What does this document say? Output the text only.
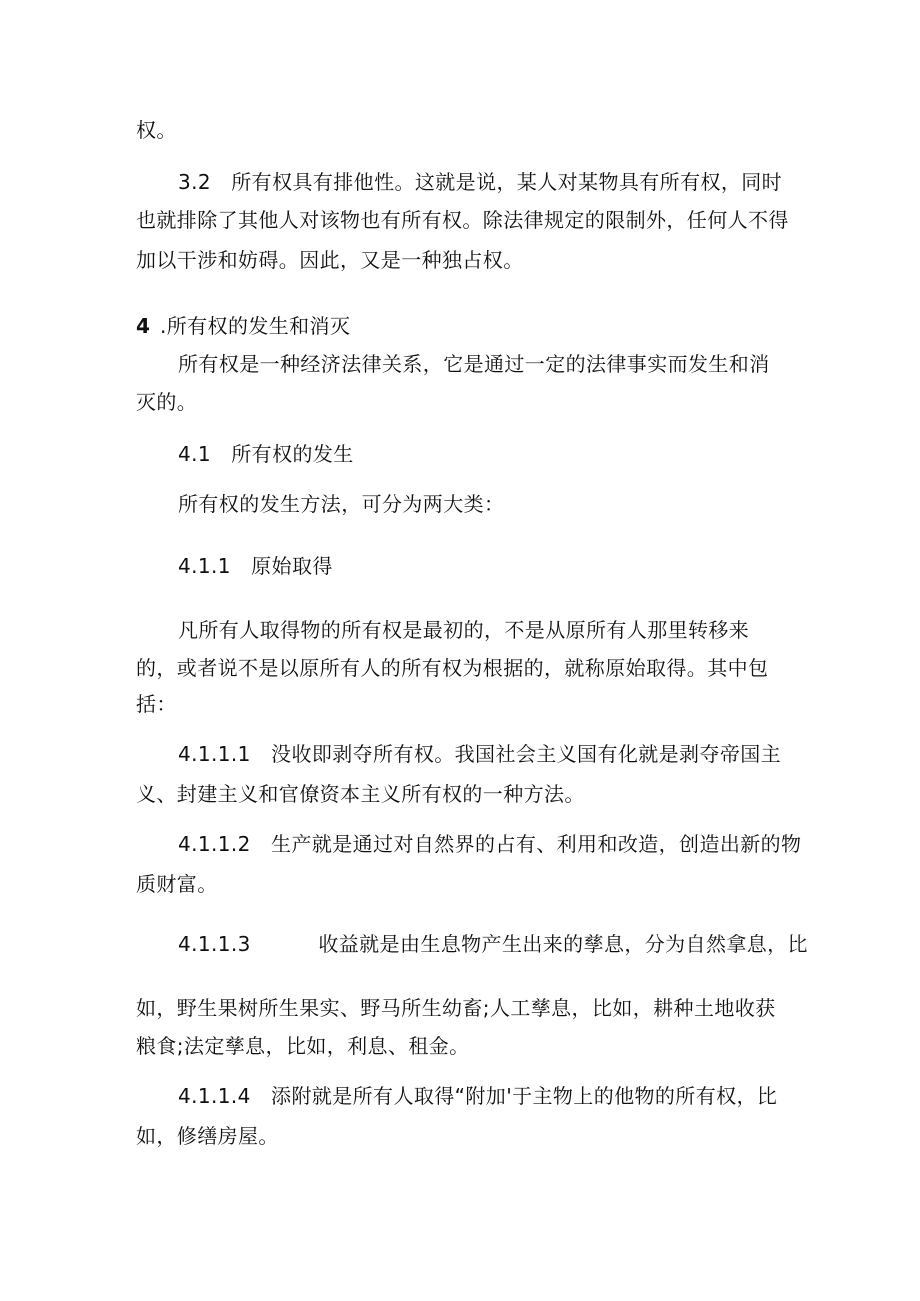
权。
3.2   所有权具有排他性。这就是说，某人对某物具有所有权，同时
也就排除了其他人对该物也有所有权。除法律规定的限制外，任何人不得
加以干涉和妨碍。因此，又是一种独占权。
4 .所有权的发生和消灭
所有权是一种经济法律关系，它是通过一定的法律事实而发生和消
灭的。
4.1   所有权的发生
所有权的发生方法，可分为两大类：
4.1.1   原始取得
凡所有人取得物的所有权是最初的，不是从原所有人那里转移来
的，或者说不是以原所有人的所有权为根据的，就称原始取得。其中包
括：
4.1.1.1   没收即剥夺所有权。我国社会主义国有化就是剥夺帝国主
义、封建主义和官僚资本主义所有权的一种方法。
4.1.1.2   生产就是通过对自然界的占有、利用和改造，创造出新的物
质财富。
4.1.1.3          收益就是由生息物产生出来的孳息，分为自然拿息，比
如，野生果树所生果实、野马所生幼畜;人工孳息，比如，耕种土地收获
粮食;法定孳息，比如，利息、租金。
4.1.1.4   添附就是所有人取得“附加'于主物上的他物的所有权，比
如，修缮房屋。
